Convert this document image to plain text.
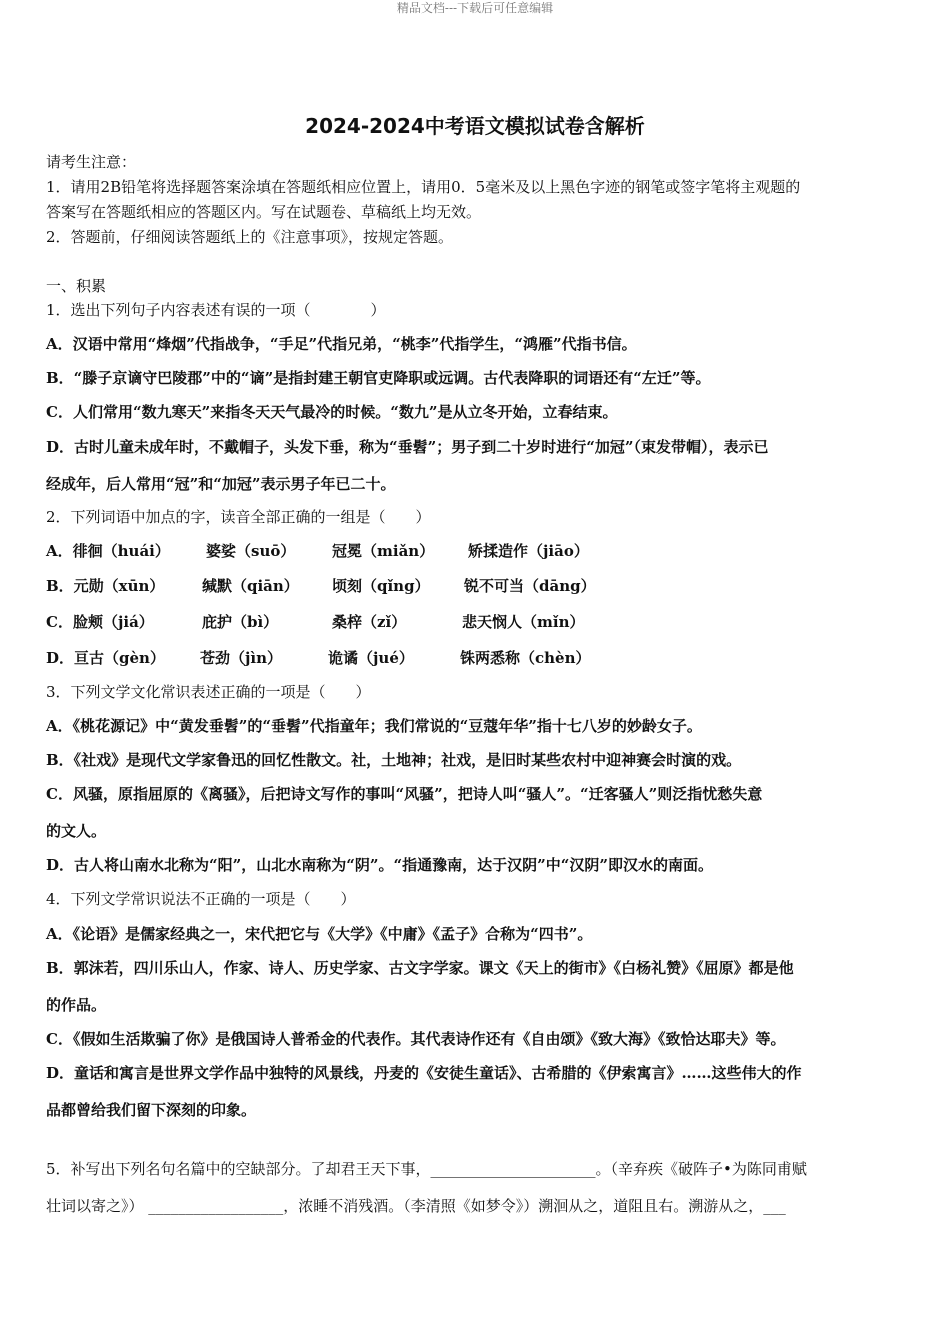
精品文档---下载后可任意编辑
2024-2024中考语文模拟试卷含解析
请考生注意：
1．请用2B铅笔将选择题答案涂填在答题纸相应位置上，请用0．5毫米及以上黑色字迹的钢笔或签字笔将主观题的
答案写在答题纸相应的答题区内。写在试题卷、草稿纸上均无效。
2．答题前，仔细阅读答题纸上的《注意事项》，按规定答题。
一、积累
1．选出下列句子内容表述有误的一项（　　　　）
A．汉语中常用“烽烟”代指战争，“手足”代指兄弟，“桃李”代指学生，“鸿雁”代指书信。
B．“滕子京谪守巴陵郡”中的“谪”是指封建王朝官吏降职或远调。古代表降职的词语还有“左迁”等。
C．人们常用“数九寒天”来指冬天天气最冷的时候。“数九”是从立冬开始，立春结束。
D．古时儿童未成年时，不戴帽子，头发下垂，称为“垂髫”；男子到二十岁时进行“加冠”（束发带帽），表示已
经成年，后人常用“冠”和“加冠”表示男子年已二十。
2．下列词语中加点的字，读音全部正确的一组是（　　）
A．徘徊（huái） 婆娑（suō） 冠冕（miǎn） 矫揉造作（jiāo）
B．元勋（xūn）	缄默（qiān） 顷刻（qǐng） 锐不可当（dāng）
C．脸颊（jiá）	庇护（bì）	桑梓（zǐ）	悲天悯人（mǐn）
D．亘古（gèn） 苍劲（jìn）	诡谲（jué）	铢两悉称（chèn）
3．下列文学文化常识表述正确的一项是（　　）
A．《桃花源记》中“黄发垂髫”的“垂髫”代指童年；我们常说的“豆蔻年华”指十七八岁的妙龄女子。
B．《社戏》是现代文学家鲁迅的回忆性散文。社，土地神；社戏，是旧时某些农村中迎神赛会时演的戏。
C．风骚，原指屈原的《离骚》，后把诗文写作的事叫“风骚”，把诗人叫“骚人”。“迁客骚人”则泛指忧愁失意
的文人。
D．古人将山南水北称为“阳”，山北水南称为“阴”。“指通豫南，达于汉阴”中“汉阴”即汉水的南面。
4．下列文学常识说法不正确的一项是（　　）
A．《论语》是儒家经典之一，宋代把它与《大学》《中庸》《孟子》合称为“四书”。
B．郭沫若，四川乐山人，作家、诗人、历史学家、古文字学家。课文《天上的街市》《白杨礼赞》《屈原》都是他
的作品。
C．《假如生活欺骗了你》是俄国诗人普希金的代表作。其代表诗作还有《自由颂》《致大海》《致恰达耶夫》等。
D．童话和寓言是世界文学作品中独特的风景线，丹麦的《安徒生童话》、古希腊的《伊索寓言》……这些伟大的作
品都曾给我们留下深刻的印象。
5．补写出下列名句名篇中的空缺部分。了却君王天下事，______________________。（辛弃疾《破阵子•为陈同甫赋
壮词以寄之》） __________________，浓睡不消残酒。（李清照《如梦令》）溯洄从之，道阻且右。溯游从之，___
